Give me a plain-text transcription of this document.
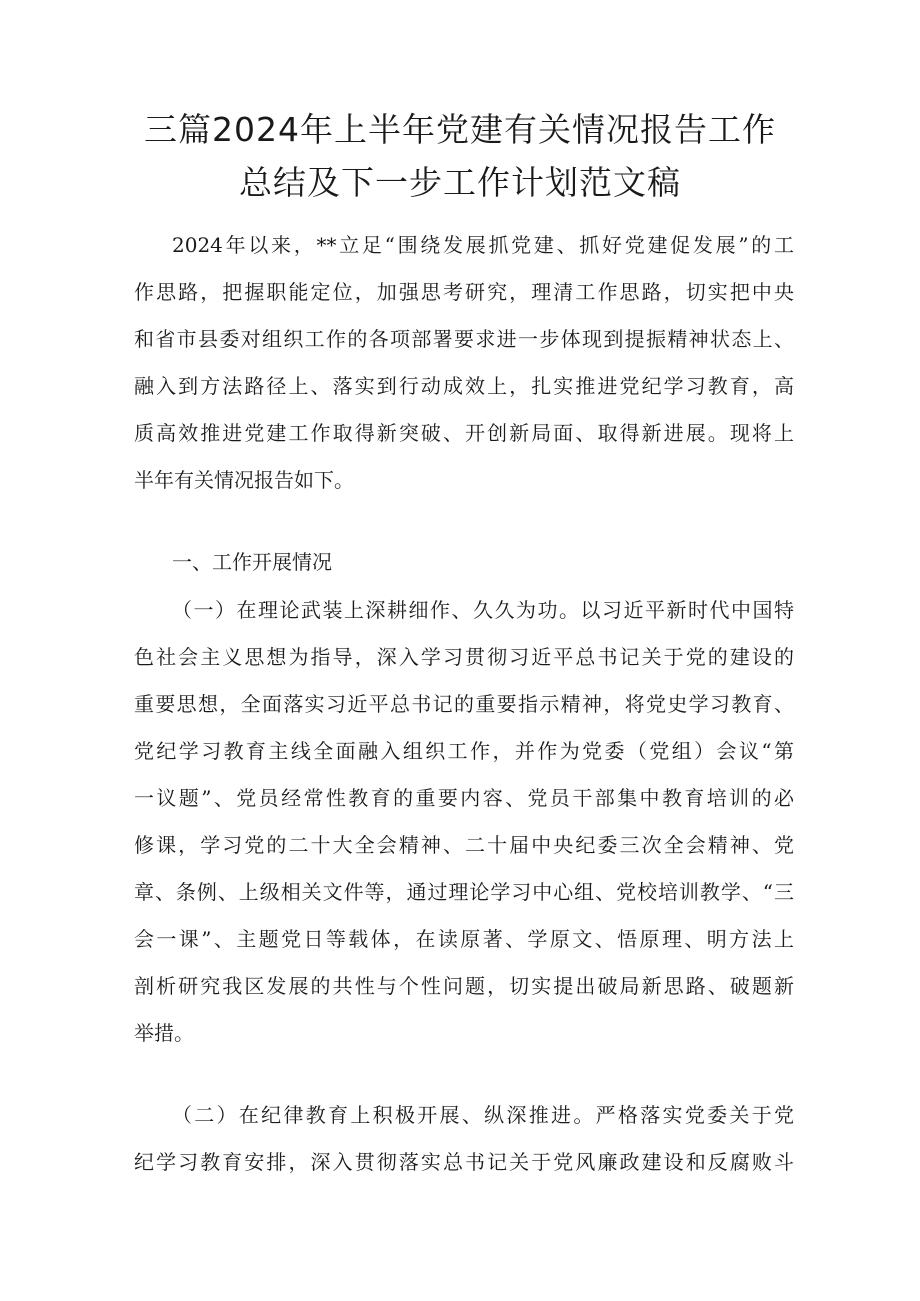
三篇2024年上半年党建有关情况报告工作
总结及下一步工作计划范文稿

2024年以来，**立足“围绕发展抓党建、抓好党建促发展”的工

作思路，把握职能定位，加强思考研究，理清工作思路，切实把中央

和省市县委对组织工作的各项部署要求进一步体现到提振精神状态上、

融入到方法路径上、落实到行动成效上，扎实推进党纪学习教育，高

质高效推进党建工作取得新突破、开创新局面、取得新进展。现将上

半年有关情况报告如下。

一、工作开展情况

（一）在理论武装上深耕细作、久久为功。以习近平新时代中国特

色社会主义思想为指导，深入学习贯彻习近平总书记关于党的建设的

重要思想，全面落实习近平总书记的重要指示精神，将党史学习教育、

党纪学习教育主线全面融入组织工作，并作为党委（党组）会议“第

一议题”、党员经常性教育的重要内容、党员干部集中教育培训的必

修课，学习党的二十大全会精神、二十届中央纪委三次全会精神、党

章、条例、上级相关文件等，通过理论学习中心组、党校培训教学、“三

会一课”、主题党日等载体，在读原著、学原文、悟原理、明方法上

剖析研究我区发展的共性与个性问题，切实提出破局新思路、破题新

举措。

（二）在纪律教育上积极开展、纵深推进。严格落实党委关于党

纪学习教育安排，深入贯彻落实总书记关于党风廉政建设和反腐败斗
